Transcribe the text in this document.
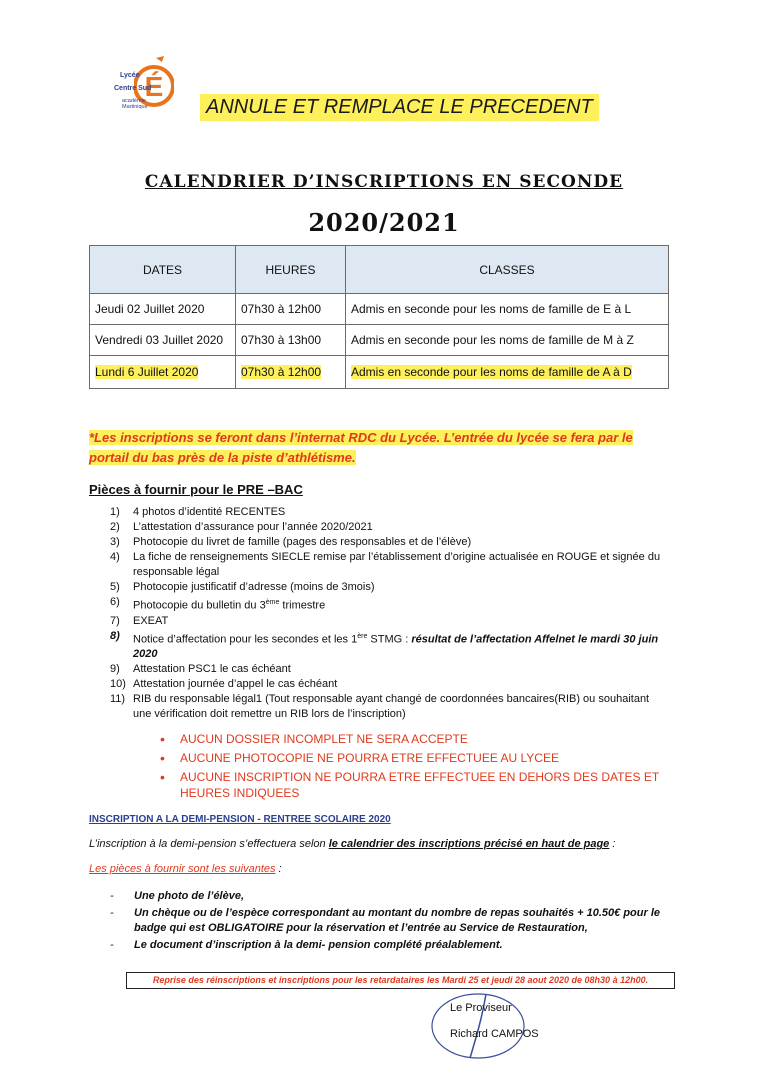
É
Lycée
Centre Sud
académie Martinique	ANNULE ET REMPLACE LE PRECEDENT
CALENDRIER D’INSCRIPTIONS EN SECONDE
2020/2021
DATES	HEURES	CLASSES
Jeudi 02 Juillet 2020	07h30 à 12h00	Admis en seconde pour les noms de famille de E à L
Vendredi 03 Juillet 2020	07h30 à 13h00	Admis en seconde pour les noms de famille de M à Z
Lundi 6 Juillet 2020	07h30 à 12h00	Admis en seconde pour les noms de famille de A à D
*Les inscriptions se feront dans l’internat RDC du Lycée. L’entrée du lycée se fera par le portail du bas près de la piste d’athlétisme.
Pièces à fournir pour le PRE –BAC
1) 4 photos d’identité RECENTES
2) L’attestation d’assurance pour l’année 2020/2021
3) Photocopie du livret de famille (pages des responsables et de l’élève)
4) La fiche de renseignements SIECLE remise par l’établissement d’origine actualisée en ROUGE et signée du responsable légal
5) Photocopie justificatif d’adresse (moins de 3mois)
6) Photocopie du bulletin du 3ème trimestre
7) EXEAT
8) Notice d’affectation pour les secondes et les 1ère STMG : résultat de l’affectation Affelnet le mardi 30 juin 2020
9) Attestation PSC1 le cas échéant
10) Attestation journée d’appel le cas échéant
11) RIB du responsable légal1 (Tout responsable ayant changé de coordonnées bancaires(RIB) ou souhaitant une vérification doit remettre un RIB lors de l’inscription)
• AUCUN DOSSIER INCOMPLET NE SERA ACCEPTE
• AUCUNE PHOTOCOPIE NE POURRA ETRE EFFECTUEE AU LYCEE
• AUCUNE INSCRIPTION NE POURRA ETRE EFFECTUEE EN DEHORS DES DATES ET HEURES INDIQUEES
INSCRIPTION A LA DEMI-PENSION - RENTREE SCOLAIRE 2020
L’inscription à la demi-pension s’effectuera selon le calendrier des inscriptions précisé en haut de page :
Les pièces à fournir sont les suivantes :
- Une photo de l’élève,
- Un chèque ou de l’espèce correspondant au montant du nombre de repas souhaités + 10.50€ pour le badge qui est OBLIGATOIRE pour la réservation et l’entrée au Service de Restauration,
- Le document d’inscription à la demi- pension complété préalablement.
Reprise des réinscriptions et inscriptions pour les retardataires les Mardi 25 et jeudi 28 aout 2020 de 08h30 à 12h00.
Le Proviseur
Richard CAMPOS
